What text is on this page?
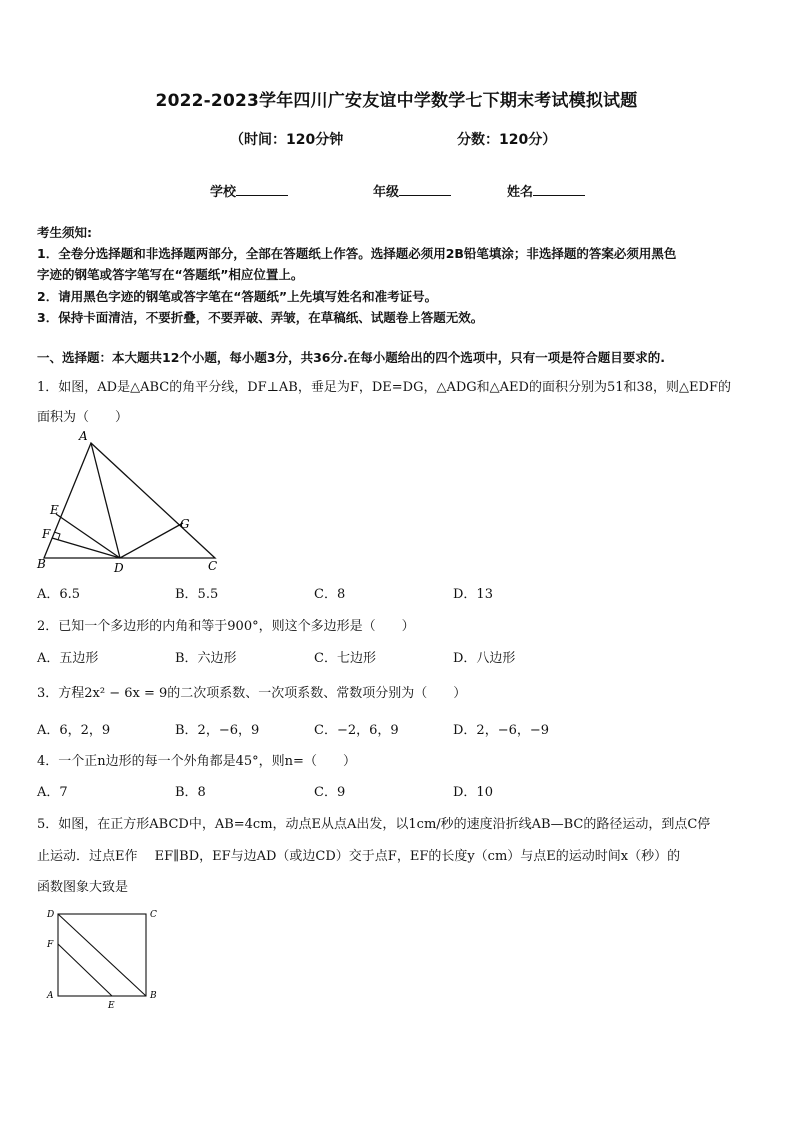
2022-2023学年四川广安友谊中学数学七下期末考试模拟试题
（时间：120分钟	分数：120分）
学校	年级	姓名
考生须知:
1．全卷分选择题和非选择题两部分，全部在答题纸上作答。选择题必须用2B铅笔填涂；非选择题的答案必须用黑色
字迹的钢笔或答字笔写在“答题纸”相应位置上。
2．请用黑色字迹的钢笔或答字笔在“答题纸”上先填写姓名和准考证号。
3．保持卡面清洁，不要折叠，不要弄破、弄皱，在草稿纸、试题卷上答题无效。
一、选择题：本大题共12个小题，每小题3分，共36分.在每小题给出的四个选项中，只有一项是符合题目要求的.
1．如图，AD是△ABC的角平分线，DF⊥AB，垂足为F，DE=DG，△ADG和△AED的面积分别为51和38，则△EDF的
面积为（　　）
A
B	C
D
E
F
G
A．6.5	B．5.5	C．8	D．13
2．已知一个多边形的内角和等于900°，则这个多边形是（　　）
A．五边形	B．六边形	C．七边形	D．八边形
3．方程2x² − 6x = 9的二次项系数、一次项系数、常数项分别为（　　）
A．6，2，9	B．2，−6，9	C．−2，6，9	D．2，−6，−9
4．一个正n边形的每一个外角都是45°，则n=（　　）
A．7	B．8	C．9	D．10
5．如图，在正方形ABCD中，AB=4cm，动点E从点A出发，以1cm/秒的速度沿折线AB—BC的路径运动，到点C停
止运动．过点E作　 EF∥BD，EF与边AD（或边CD）交于点F，EF的长度y（cm）与点E的运动时间x（秒）的
函数图象大致是
D	C
F
A	B
E
